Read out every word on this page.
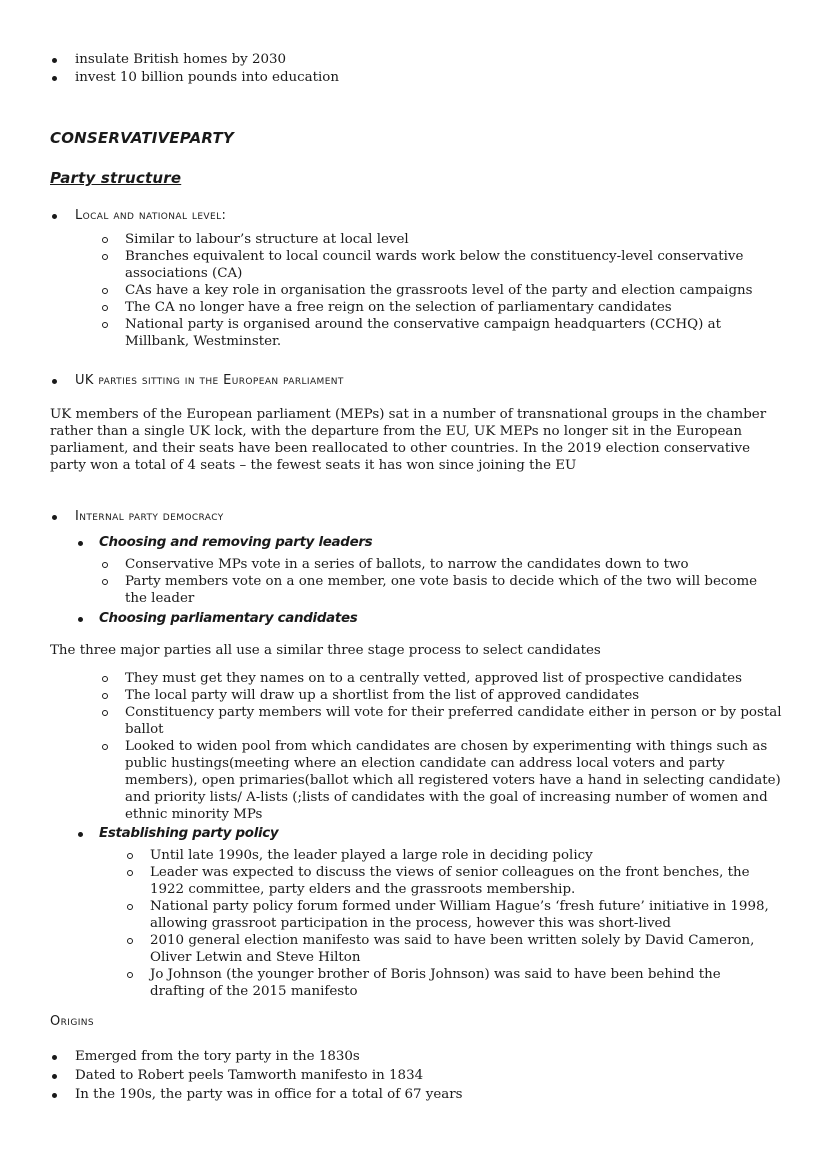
insulate British homes by 2030
invest 10 billion pounds into education
CONSERVATIVEPARTY
Party structure
Local and national level:
Similar to labour’s structure at local level
Branches equivalent to local council wards work below the constituency-level conservative
associations (CA)
CAs have a key role in organisation the grassroots level of the party and election campaigns
The CA no longer have a free reign on the selection of parliamentary candidates
National party is organised around the conservative campaign headquarters (CCHQ) at
Millbank, Westminster.
UK parties sitting in the European parliament
UK members of the European parliament (MEPs) sat in a number of transnational groups in the chamber
rather than a single UK lock, with the departure from the EU, UK MEPs no longer sit in the European
parliament, and their seats have been reallocated to other countries. In the 2019 election conservative
party won a total of 4 seats – the fewest seats it has won since joining the EU
Internal party democracy
Choosing and removing party leaders
Conservative MPs vote in a series of ballots, to narrow the candidates down to two
Party members vote on a one member, one vote basis to decide which of the two will become
the leader
Choosing parliamentary candidates
The three major parties all use a similar three stage process to select candidates
They must get they names on to a centrally vetted, approved list of prospective candidates
The local party will draw up a shortlist from the list of approved candidates
Constituency party members will vote for their preferred candidate either in person or by postal
ballot
Looked to widen pool from which candidates are chosen by experimenting with things such as
public hustings(meeting where an election candidate can address local voters and party
members), open primaries(ballot which all registered voters have a hand in selecting candidate)
and priority lists/ A-lists (;lists of candidates with the goal of increasing number of women and
ethnic minority MPs
Establishing party policy
Until late 1990s, the leader played a large role in deciding policy
Leader was expected to discuss the views of senior colleagues on the front benches, the
1922 committee, party elders and the grassroots membership.
National party policy forum formed under William Hague’s ‘fresh future’ initiative in 1998,
allowing grassroot participation in the process, however this was short-lived
2010 general election manifesto was said to have been written solely by David Cameron,
Oliver Letwin and Steve Hilton
Jo Johnson (the younger brother of Boris Johnson) was said to have been behind the
drafting of the 2015 manifesto
Origins
Emerged from the tory party in the 1830s
Dated to Robert peels Tamworth manifesto in 1834
In the 190s, the party was in office for a total of 67 years
